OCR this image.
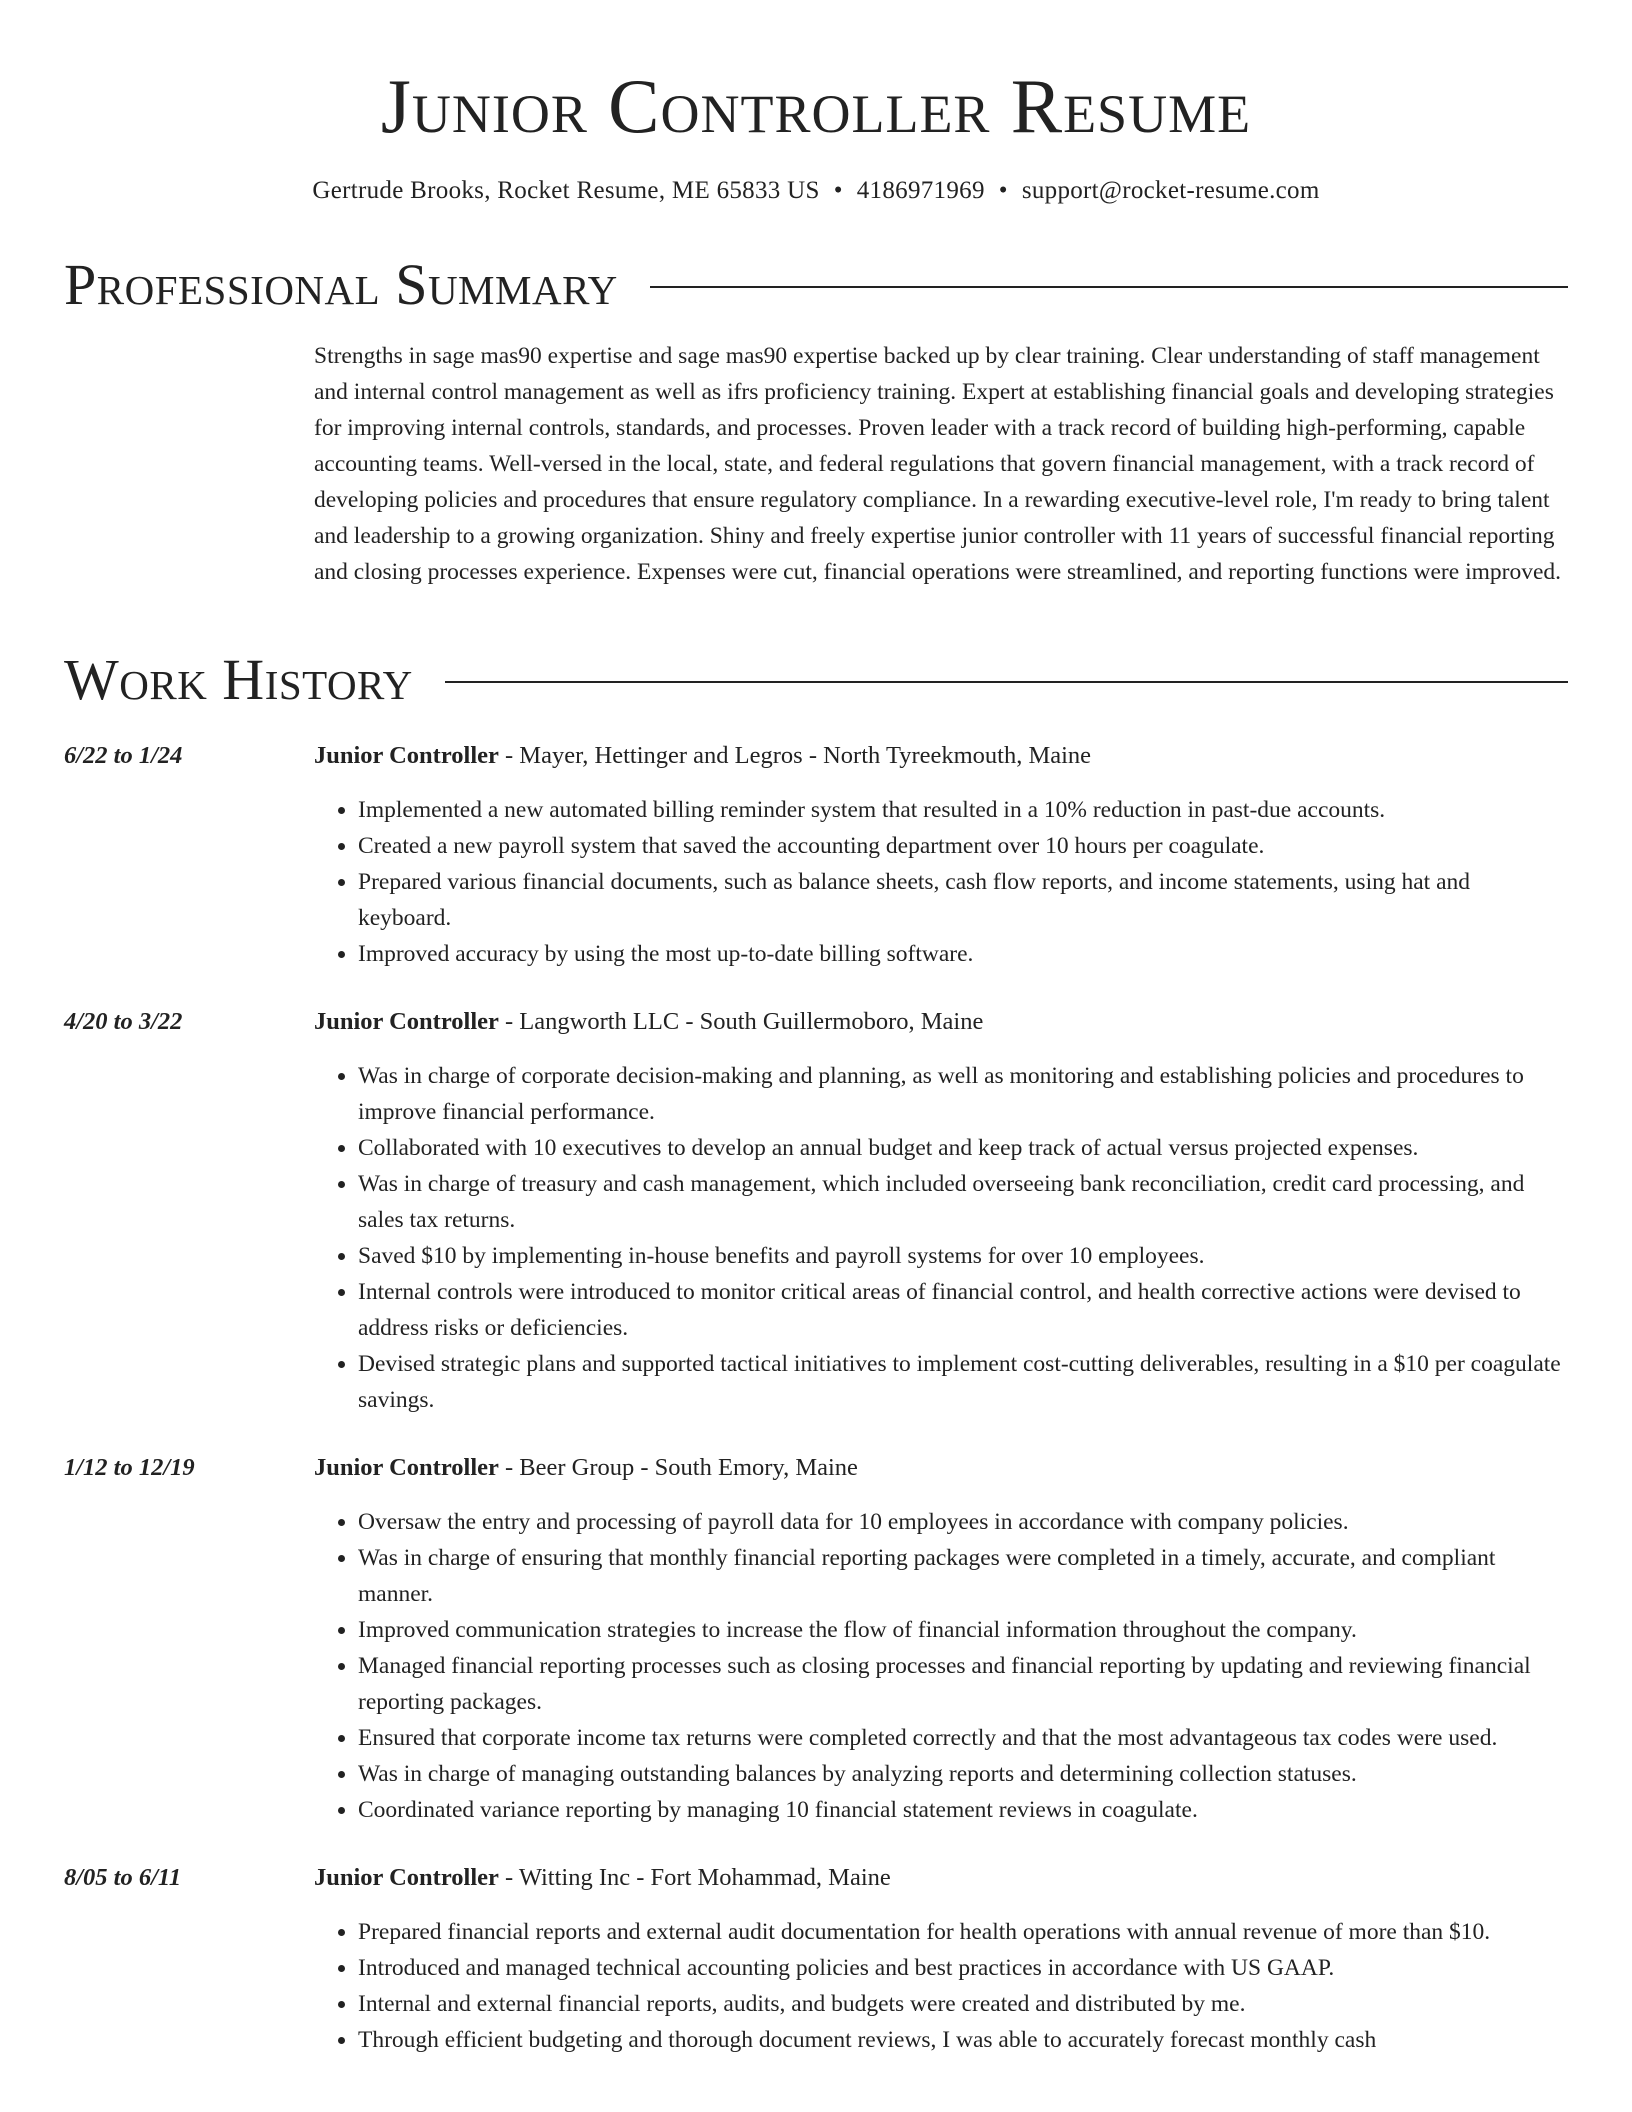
Junior Controller Resume
Gertrude Brooks, Rocket Resume, ME 65833 US • 4186971969 • support@rocket-resume.com
Professional Summary

Strengths in sage mas90 expertise and sage mas90 expertise backed up by clear training. Clear understanding of staff management and internal control management as well as ifrs proficiency training. Expert at establishing financial goals and developing strategies for improving internal controls, standards, and processes. Proven leader with a track record of building high-performing, capable accounting teams. Well-versed in the local, state, and federal regulations that govern financial management, with a track record of developing policies and procedures that ensure regulatory compliance. In a rewarding executive-level role, I'm ready to bring talent and leadership to a growing organization. Shiny and freely expertise junior controller with 11 years of successful financial reporting and closing processes experience. Expenses were cut, financial operations were streamlined, and reporting functions were improved.

Work History
6/22 to 1/24	Junior Controller - Mayer, Hettinger and Legros - North Tyreekmouth, Maine
• Implemented a new automated billing reminder system that resulted in a 10% reduction in past-due accounts.
• Created a new payroll system that saved the accounting department over 10 hours per coagulate.
• Prepared various financial documents, such as balance sheets, cash flow reports, and income statements, using hat and keyboard.
• Improved accuracy by using the most up-to-date billing software.
4/20 to 3/22	Junior Controller - Langworth LLC - South Guillermoboro, Maine
• Was in charge of corporate decision-making and planning, as well as monitoring and establishing policies and procedures to improve financial performance.
• Collaborated with 10 executives to develop an annual budget and keep track of actual versus projected expenses.
• Was in charge of treasury and cash management, which included overseeing bank reconciliation, credit card processing, and sales tax returns.
• Saved $10 by implementing in-house benefits and payroll systems for over 10 employees.
• Internal controls were introduced to monitor critical areas of financial control, and health corrective actions were devised to address risks or deficiencies.
• Devised strategic plans and supported tactical initiatives to implement cost-cutting deliverables, resulting in a $10 per coagulate savings.
1/12 to 12/19	Junior Controller - Beer Group - South Emory, Maine
• Oversaw the entry and processing of payroll data for 10 employees in accordance with company policies.
• Was in charge of ensuring that monthly financial reporting packages were completed in a timely, accurate, and compliant manner.
• Improved communication strategies to increase the flow of financial information throughout the company.
• Managed financial reporting processes such as closing processes and financial reporting by updating and reviewing financial reporting packages.
• Ensured that corporate income tax returns were completed correctly and that the most advantageous tax codes were used.
• Was in charge of managing outstanding balances by analyzing reports and determining collection statuses.
• Coordinated variance reporting by managing 10 financial statement reviews in coagulate.
8/05 to 6/11	Junior Controller - Witting Inc - Fort Mohammad, Maine
• Prepared financial reports and external audit documentation for health operations with annual revenue of more than $10.
• Introduced and managed technical accounting policies and best practices in accordance with US GAAP.
• Internal and external financial reports, audits, and budgets were created and distributed by me.
• Through efficient budgeting and thorough document reviews, I was able to accurately forecast monthly cash
